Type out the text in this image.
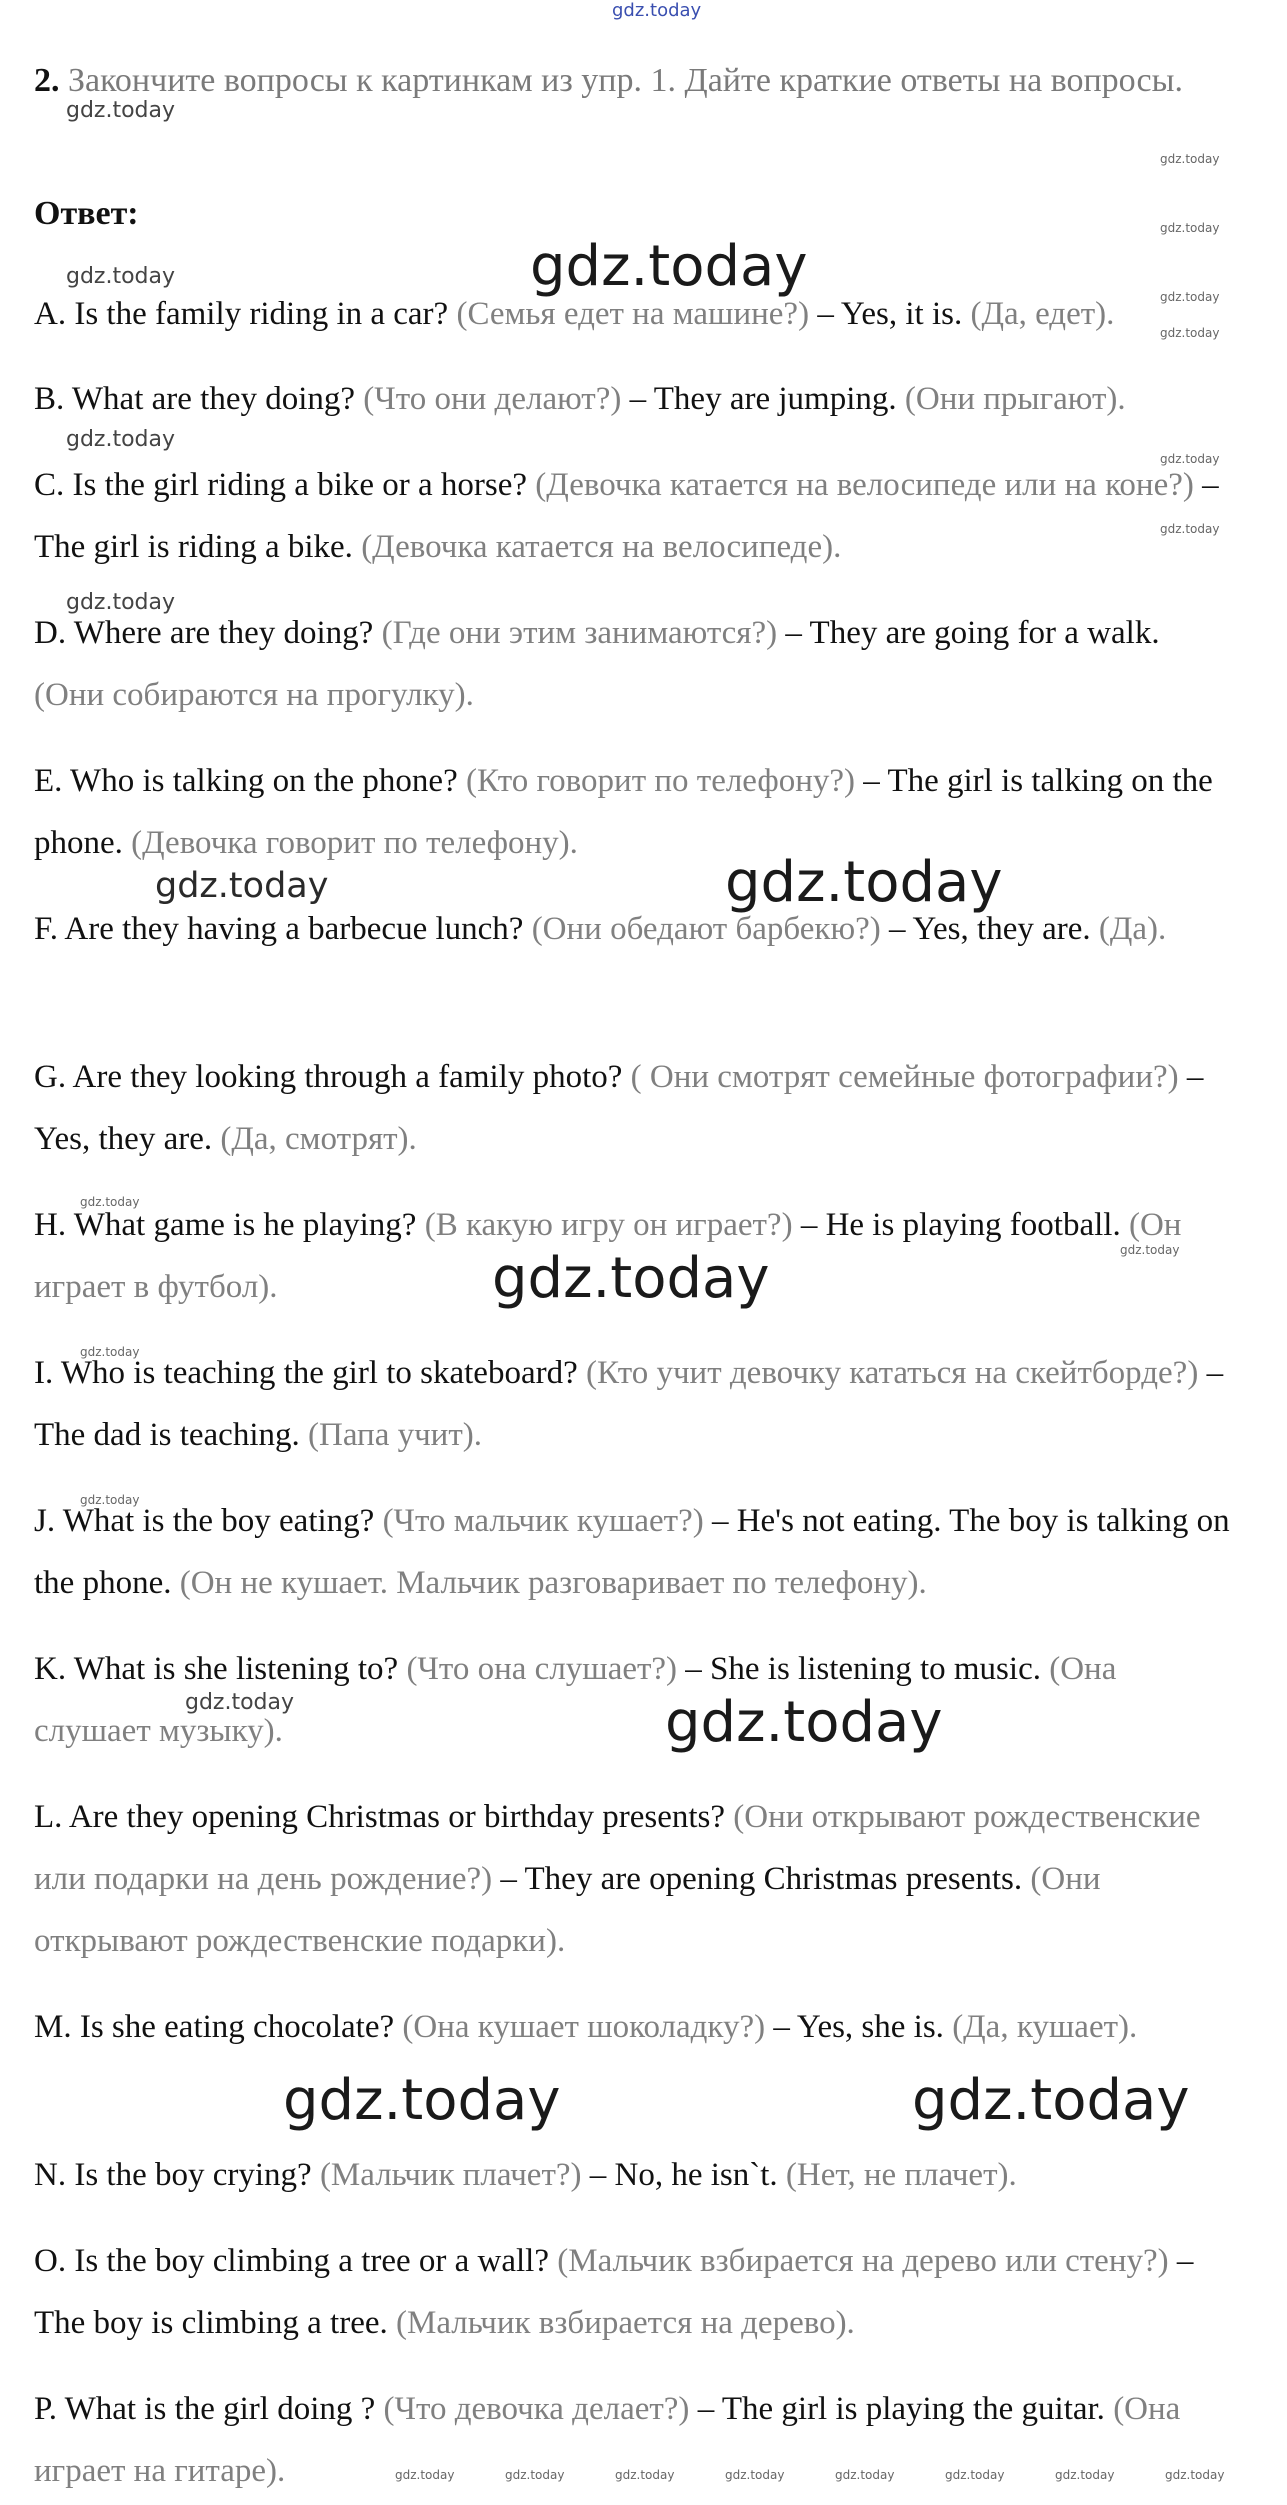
gdz.today
gdz.today
gdz.today
gdz.today
gdz.today
gdz.today
gdz.today
gdz.today
gdz.today
gdz.today
gdz.today
gdz.today
gdz.today	gdz.today
gdz.today
gdz.today
gdz.today
gdz.today
gdz.today
gdz.today	gdz.today
gdz.today	gdz.today
gdz.today	gdz.today	gdz.today	gdz.today	gdz.today	gdz.today	gdz.today	gdz.today
2. Закончите вопросы к картинкам из упр. 1. Дайте краткие ответы на вопросы.
Ответ:
A. Is the family riding in a car? (Семья едет на машине?) – Yes, it is. (Да, едет).
B. What are they doing? (Что они делают?) – They are jumping. (Они прыгают).
C. Is the girl riding a bike or a horse? (Девочка катается на велосипеде или на коне?) – The girl is riding a bike. (Девочка катается на велосипеде).
D. Where are they doing? (Где они этим занимаются?) – They are going for a walk. (Они собираются на прогулку).
E. Who is talking on the phone? (Кто говорит по телефону?) – The girl is talking on the phone. (Девочка говорит по телефону).
F. Are they having a barbecue lunch? (Они обедают барбекю?) – Yes, they are. (Да).
G. Are they looking through a family photo? ( Они смотрят семейные фотографии?) – Yes, they are. (Да, смотрят).
H. What game is he playing? (В какую игру он играет?) – He is playing football. (Он играет в футбол).
I. Who is teaching the girl to skateboard? (Кто учит девочку кататься на скейтборде?) – The dad is teaching. (Папа учит).
J. What is the boy eating? (Что мальчик кушает?) – He's not eating. The boy is talking on the phone. (Он не кушает. Мальчик разговаривает по телефону).
K. What is she listening to? (Что она слушает?) – She is listening to music. (Она слушает музыку).
L. Are they opening Christmas or birthday presents? (Они открывают рождественские или подарки на день рождение?) – They are opening Christmas presents. (Они открывают рождественские подарки).
M. Is she eating chocolate? (Она кушает шоколадку?) – Yes, she is. (Да, кушает).
N. Is the boy crying? (Мальчик плачет?) – No, he isn`t. (Нет, не плачет).
O. Is the boy climbing a tree or a wall? (Мальчик взбирается на дерево или стену?) – The boy is climbing a tree. (Мальчик взбирается на дерево).
P. What is the girl doing ? (Что девочка делает?) – The girl is playing the guitar. (Она играет на гитаре).
